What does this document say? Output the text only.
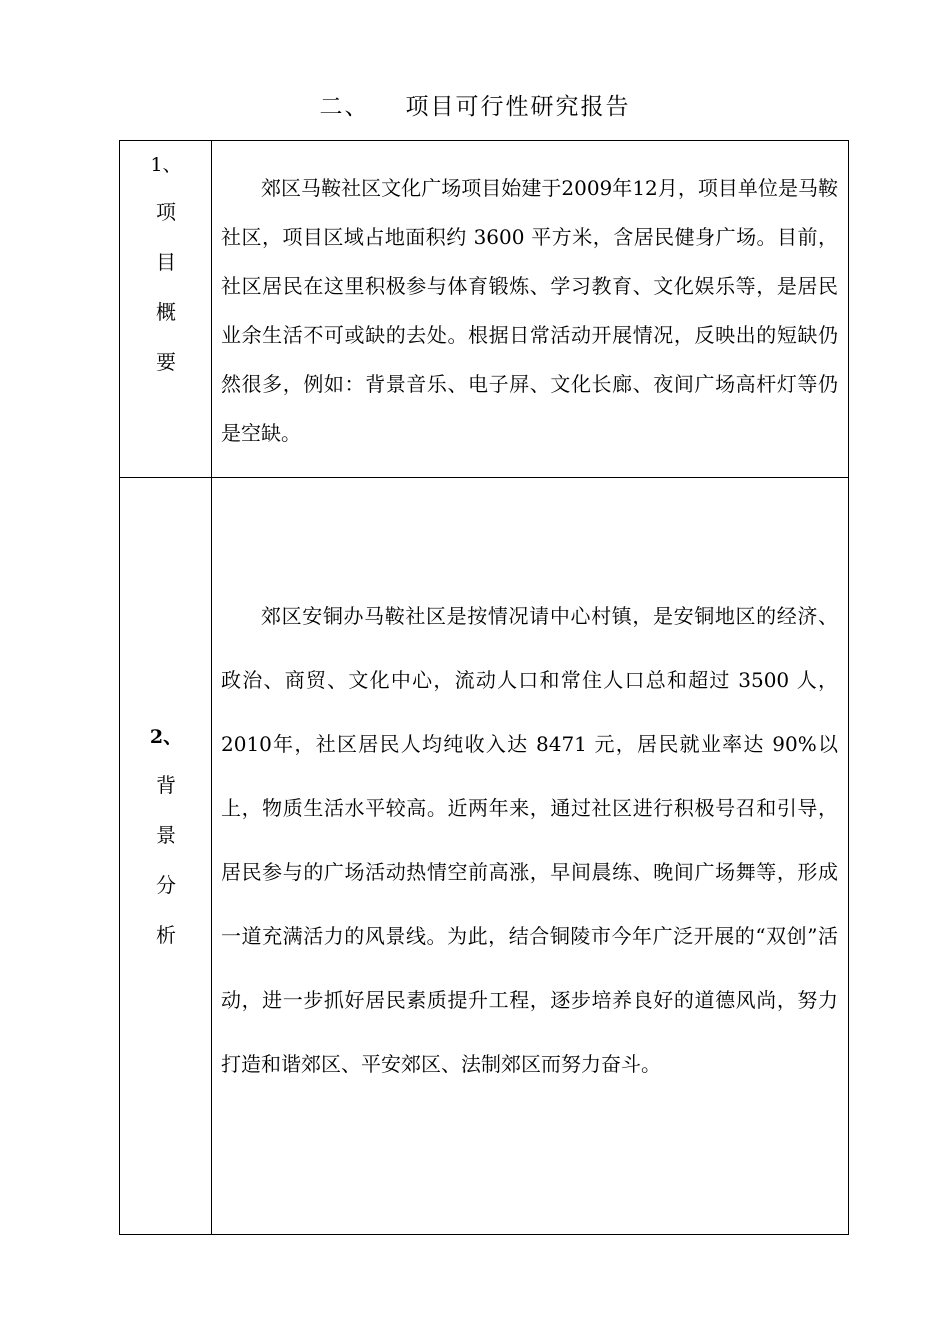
二、 项目可行性研究报告
1、
项
目
概
要

郊区马鞍社区文化广场项目始建于2009年12月，项目单位是马鞍社区，项目区域占地面积约 3600 平方米，含居民健身广场。目前，社区居民在这里积极参与体育锻炼、学习教育、文化娱乐等，是居民业余生活不可或缺的去处。根据日常活动开展情况，反映出的短缺仍然很多，例如：背景音乐、电子屏、文化长廊、夜间广场高杆灯等仍是空缺。

2、
背
景
分
析

郊区安铜办马鞍社区是按情况请中心村镇，是安铜地区的经济、政治、商贸、文化中心，流动人口和常住人口总和超过 3500 人，2010年，社区居民人均纯收入达 8471 元，居民就业率达 90%以上，物质生活水平较高。近两年来，通过社区进行积极号召和引导，居民参与的广场活动热情空前高涨，早间晨练、晚间广场舞等，形成一道充满活力的风景线。为此，结合铜陵市今年广泛开展的“双创”活动，进一步抓好居民素质提升工程，逐步培养良好的道德风尚，努力打造和谐郊区、平安郊区、法制郊区而努力奋斗。
